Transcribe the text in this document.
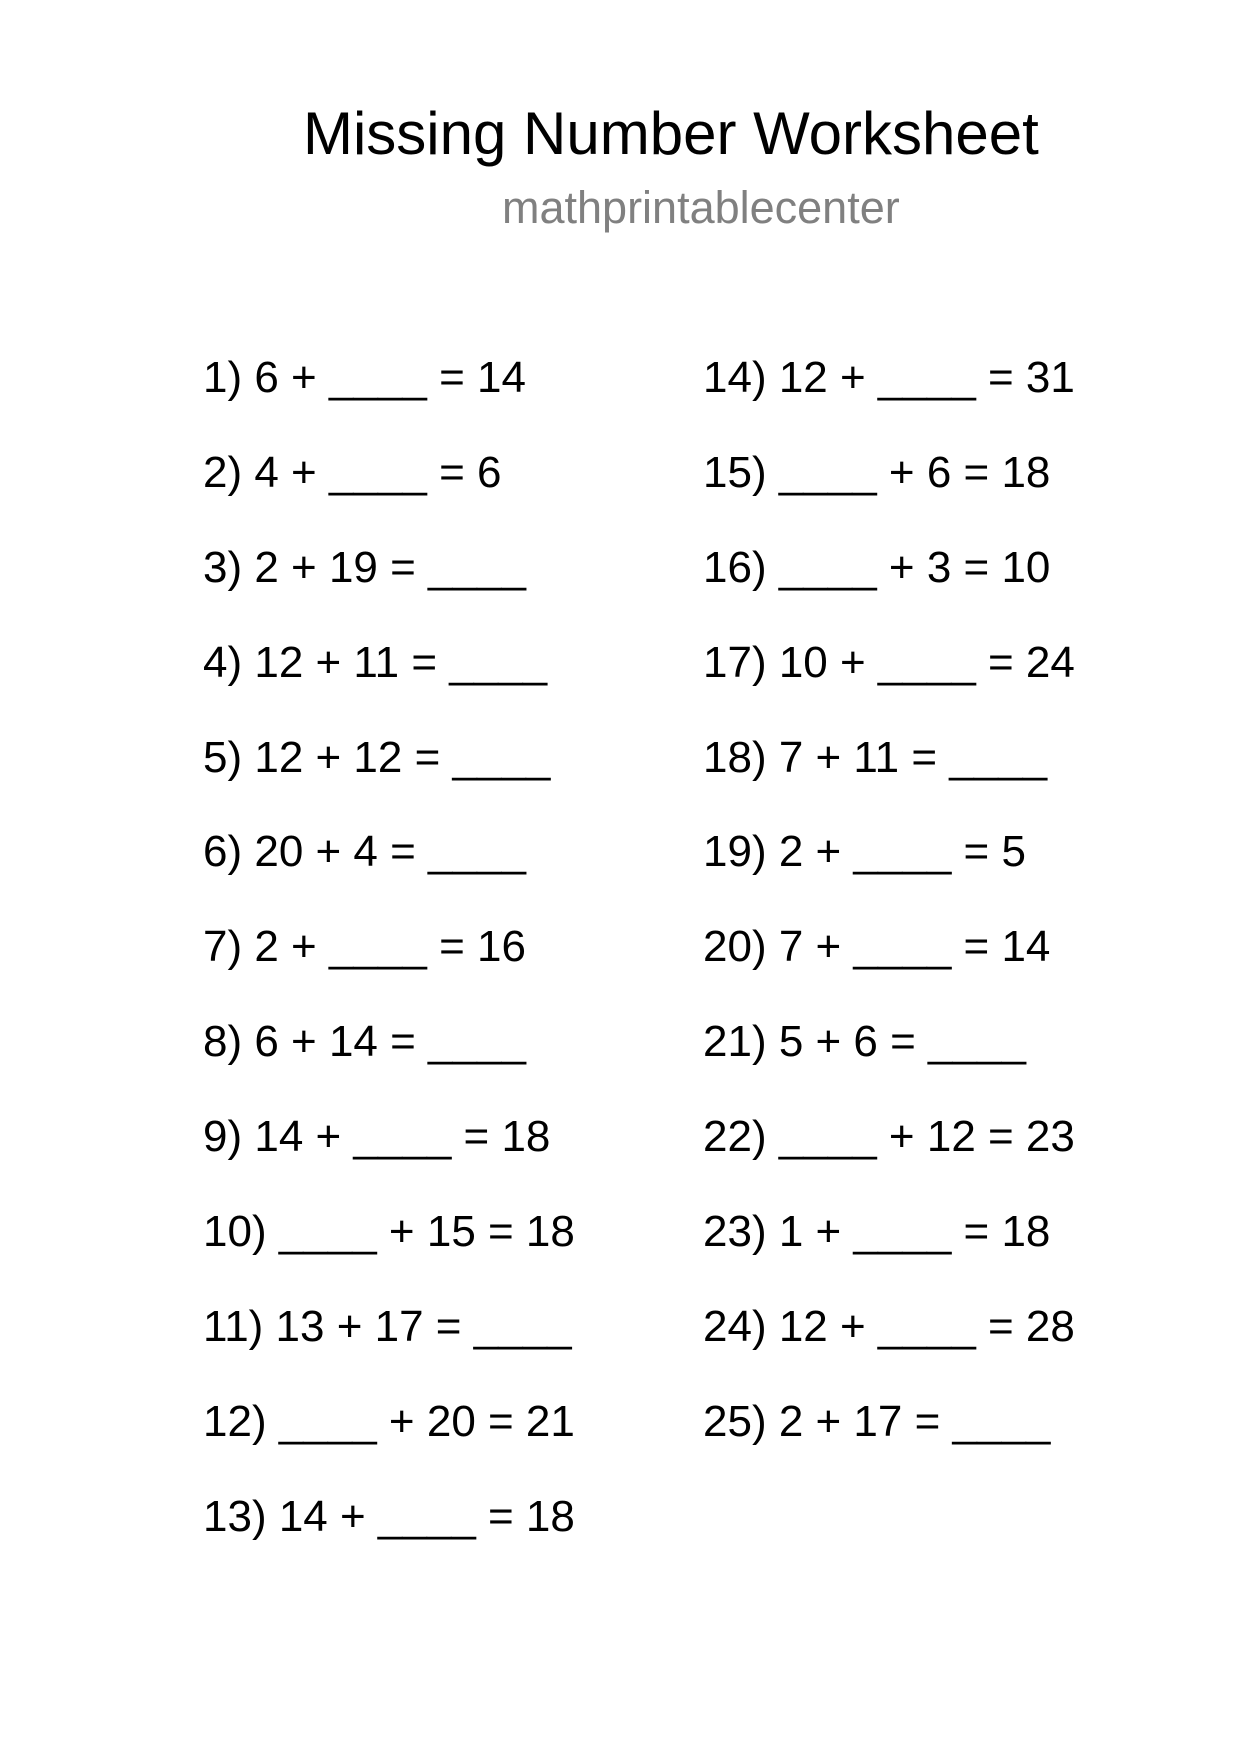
Missing Number Worksheet
mathprintablecenter
1) 6 + ____ = 14
2) 4 + ____ = 6
3) 2 + 19 = ____
4) 12 + 11 = ____
5) 12 + 12 = ____
6) 20 + 4 = ____
7) 2 + ____ = 16
8) 6 + 14 = ____
9) 14 + ____ = 18
10) ____ + 15 = 18
11) 13 + 17 = ____
12) ____ + 20 = 21
13) 14 + ____ = 18
14) 12 + ____ = 31
15) ____ + 6 = 18
16) ____ + 3 = 10
17) 10 + ____ = 24
18) 7 + 11 = ____
19) 2 + ____ = 5
20) 7 + ____ = 14
21) 5 + 6 = ____
22) ____ + 12 = 23
23) 1 + ____ = 18
24) 12 + ____ = 28
25) 2 + 17 = ____
